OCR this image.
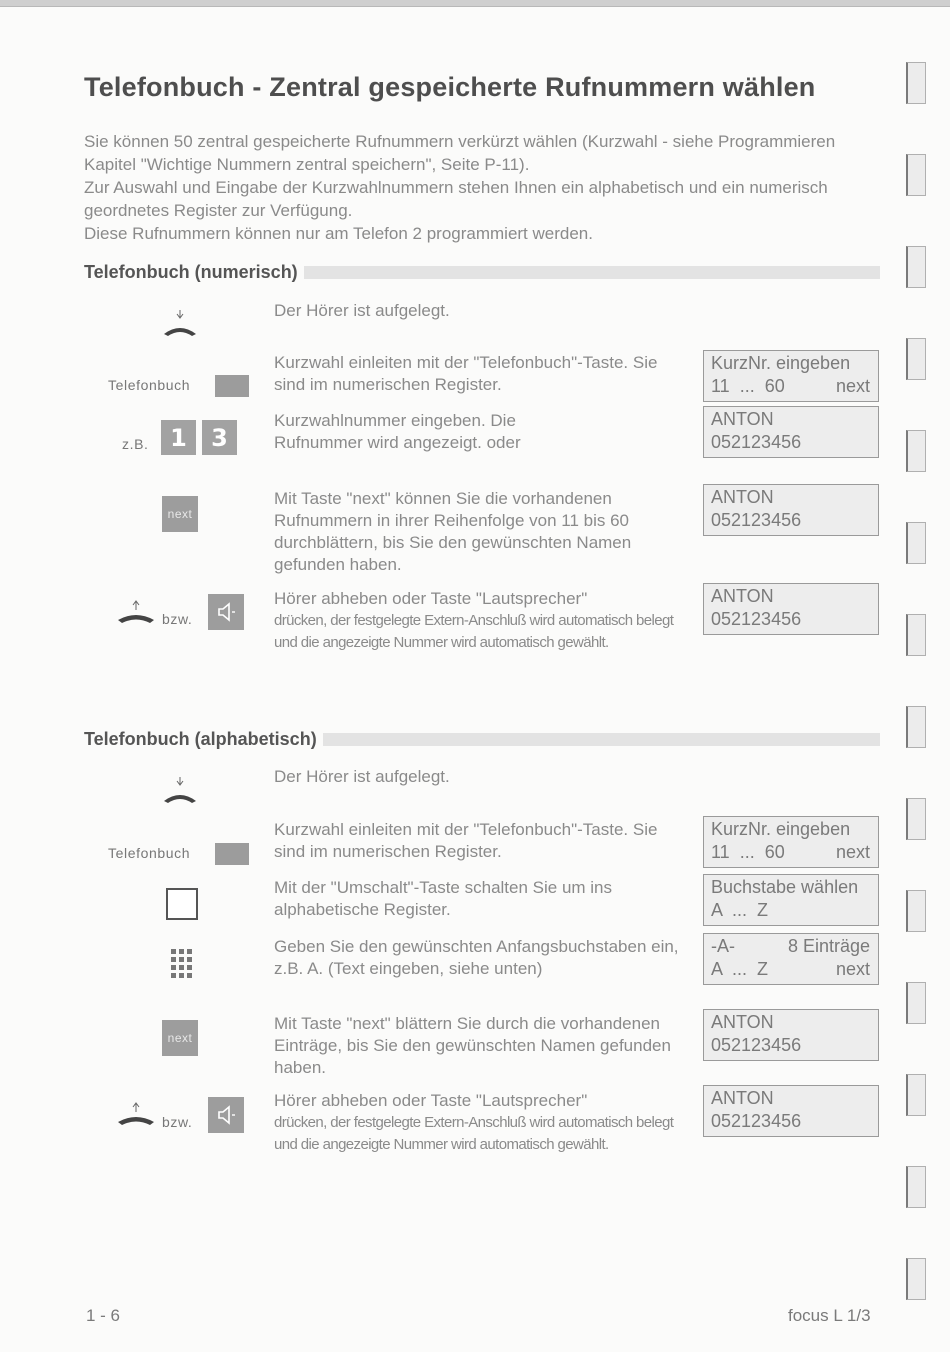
Telefonbuch - Zentral gespeicherte Rufnummern wählen

Sie können 50 zentral gespeicherte Rufnummern verkürzt wählen (Kurzwahl - siehe Programmieren Kapitel "Wichtige Nummern zentral speichern", Seite P-11).

Zur Auswahl und Eingabe der Kurzwahlnummern stehen Ihnen ein alphabetisch und ein numerisch geordnetes Register zur Verfügung.

Diese Rufnummern können nur am Telefon 2 programmiert werden.

Telefonbuch (numerisch)
Der Hörer ist aufgelegt.
Telefonbuch
Kurzwahl einleiten mit der "Telefonbuch"-Taste. Sie sind im numerischen Register.
z.B. 1	3
Kurzwahlnummer eingeben. Die Rufnummer wird angezeigt. oder
next
Mit Taste "next" können Sie die vorhandenen Rufnummern in ihrer Reihenfolge von 11 bis 60 durchblättern, bis Sie den gewünschten Namen gefunden haben.
bzw.
Hörer abheben oder Taste "Lautsprecher"
drücken, der festgelegte Extern-Anschluß wird automatisch belegt und die angezeigte Nummer wird automatisch gewählt.
KurzNr. eingeben
11  ...  60	next
ANTON
052123456
ANTON
052123456
ANTON
052123456
Telefonbuch (alphabetisch)
Der Hörer ist aufgelegt.
Telefonbuch
Kurzwahl einleiten mit der "Telefonbuch"-Taste. Sie sind im numerischen Register.
Mit der "Umschalt"-Taste schalten Sie um ins alphabetische Register.
Geben Sie den gewünschten Anfangsbuchstaben ein, z.B. A. (Text eingeben, siehe unten)
next
Mit Taste "next" blättern Sie durch die vorhandenen Einträge, bis Sie den gewünschten Namen gefunden haben.
bzw.
Hörer abheben oder Taste "Lautsprecher"
drücken, der festgelegte Extern-Anschluß wird automatisch belegt und die angezeigte Nummer wird automatisch gewählt.
KurzNr. eingeben
11  ...  60	next
Buchstabe wählen
A  ...  Z
-A-	8 Einträge
A  ...  Z	next
ANTON
052123456
ANTON
052123456
1 - 6	focus L 1/3
